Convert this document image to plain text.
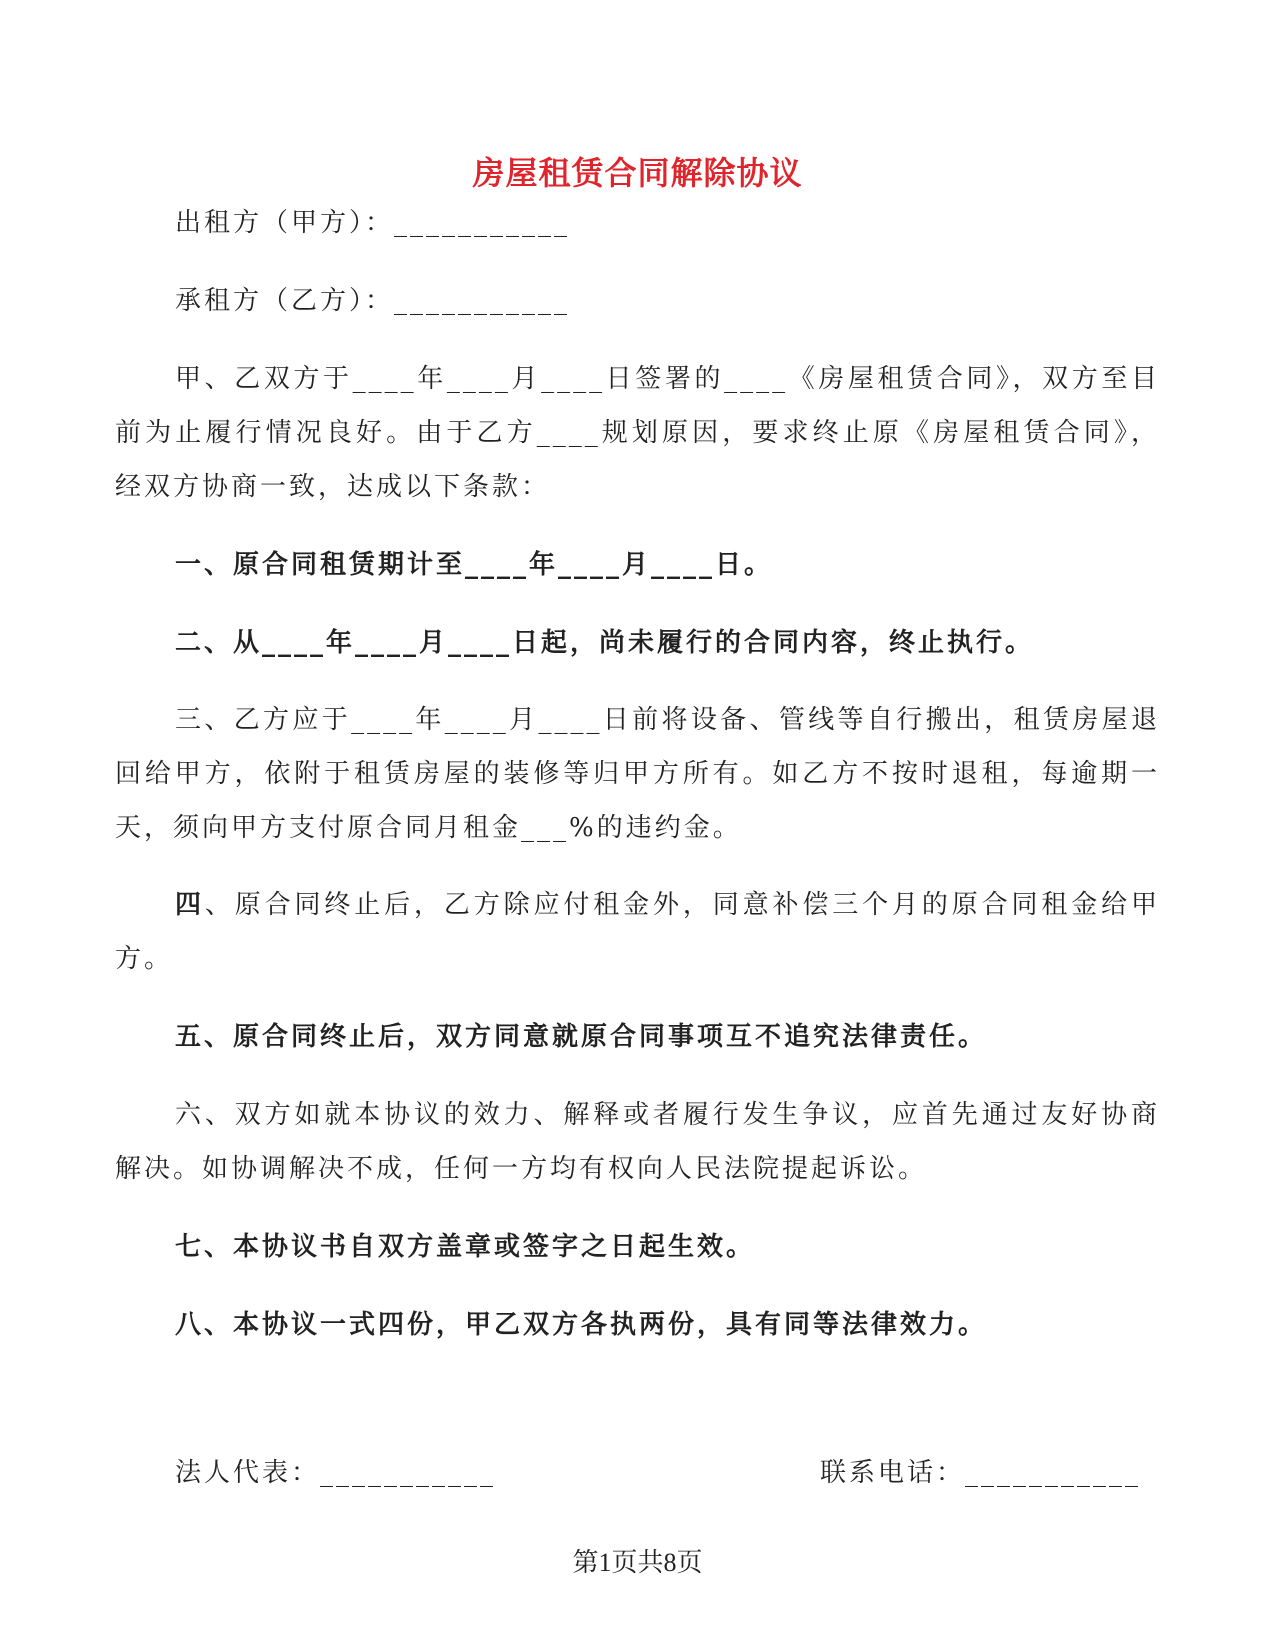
房屋租赁合同解除协议
出租方（甲方）：___________
承租方（乙方）：___________
甲、乙双方于____年____月____日签署的____《房屋租赁合同》，双方至目
前为止履行情况良好。由于乙方____规划原因，要求终止原《房屋租赁合同》，
经双方协商一致，达成以下条款：
一、原合同租赁期计至____年____月____日。
二、从____年____月____日起，尚未履行的合同内容，终止执行。
三、乙方应于____年____月____日前将设备、管线等自行搬出，租赁房屋退
回给甲方，依附于租赁房屋的装修等归甲方所有。如乙方不按时退租，每逾期一
天，须向甲方支付原合同月租金___%的违约金。
四、原合同终止后，乙方除应付租金外，同意补偿三个月的原合同租金给甲
方。
五、原合同终止后，双方同意就原合同事项互不追究法律责任。
六、双方如就本协议的效力、解释或者履行发生争议，应首先通过友好协商
解决。如协调解决不成，任何一方均有权向人民法院提起诉讼。
七、本协议书自双方盖章或签字之日起生效。
八、本协议一式四份，甲乙双方各执两份，具有同等法律效力。
法人代表：___________	联系电话：___________
第1页共8页
